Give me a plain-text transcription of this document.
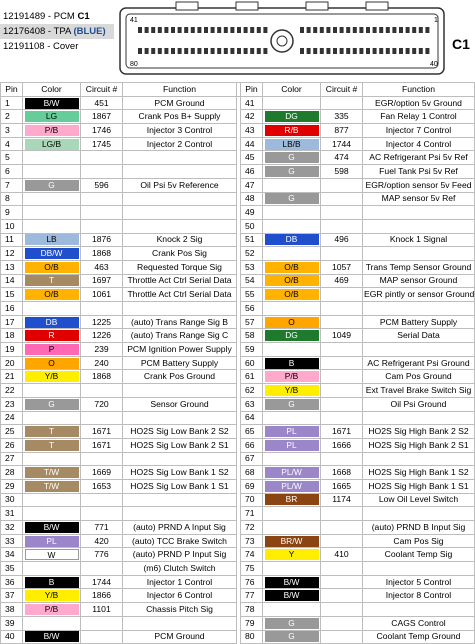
12191489 - PCM C1
12176408 - TPA (BLUE)
12191108 - Cover
41	1
80	40
C1
Pin	Color	Circuit #	Function		Pin	Color	Circuit #	Function
1	B/W	451	PCM Ground		41			EGR/option 5v Ground
2	LG	1867	Crank Pos B+ Supply		42	DG	335	Fan Relay 1 Control
3	P/B	1746	Injector 3 Control		43	R/B	877	Injector 7 Control
4	LG/B	1745	Injector 2 Control		44	LB/B	1744	Injector 4 Control
5					45	G	474	AC Refrigerant Psi 5v Ref
6					46	G	598	Fuel Tank Psi 5v Ref
7	G	596	Oil Psi 5v Reference		47			EGR/option sensor 5v Feed
8					48	G		MAP sensor 5v Ref
9					49			
10					50			
11	LB	1876	Knock 2 Sig		51	DB	496	Knock 1 Signal
12	DB/W	1868	Crank Pos Sig		52			
13	O/B	463	Requested Torque Sig		53	O/B	1057	Trans Temp Sensor Ground
14	T	1697	Throttle Act Ctrl Serial Data		54	O/B	469	MAP sensor Ground
15	O/B	1061	Throttle Act Ctrl Serial Data		55	O/B		EGR pintly or sensor Ground
16					56			
17	DB	1225	(auto) Trans Range Sig B		57	O		PCM Battery Supply
18	R	1226	(auto) Trans Range Sig C		58	DG	1049	Serial Data
19	P	239	PCM Ignition Power Supply		59			
20	O	240	PCM Battery Supply		60	B		AC Refrigerant Psi Ground
21	Y/B	1868	Crank Pos Ground		61	P/B		Cam Pos Ground
22					62	Y/B		Ext Travel Brake Switch Sig
23	G	720	Sensor Ground		63	G		Oil Psi Ground
24					64			
25	T	1671	HO2S Sig Low Bank 2 S2		65	PL	1671	HO2S Sig High Bank 2 S2
26	T	1671	HO2S Sig Low Bank 2 S1		66	PL	1666	HO2S Sig High Bank 2 S1
27					67			
28	T/W	1669	HO2S Sig Low Bank 1 S2		68	PL/W	1668	HO2S Sig High Bank 1 S2
29	T/W	1653	HO2S Sig Low Bank 1 S1		69	PL/W	1665	HO2S Sig High Bank 1 S1
30					70	BR	1174	Low Oil Level Switch
31					71			
32	B/W	771	(auto) PRND A Input Sig		72			(auto) PRND B Input Sig
33	PL	420	(auto) TCC Brake Switch		73	BR/W		Cam Pos Sig
34	W	776	(auto) PRND P Input Sig		74	Y	410	Coolant Temp Sig
35			(m6) Clutch Switch		75			
36	B	1744	Injector 1 Control		76	B/W		Injector 5 Control
37	Y/B	1866	Injector 6 Control		77	B/W		Injector 8 Control
38	P/B	1101	Chassis Pitch Sig		78			
39					79	G		CAGS Control
40	B/W		PCM Ground		80	G		Coolant Temp Ground
